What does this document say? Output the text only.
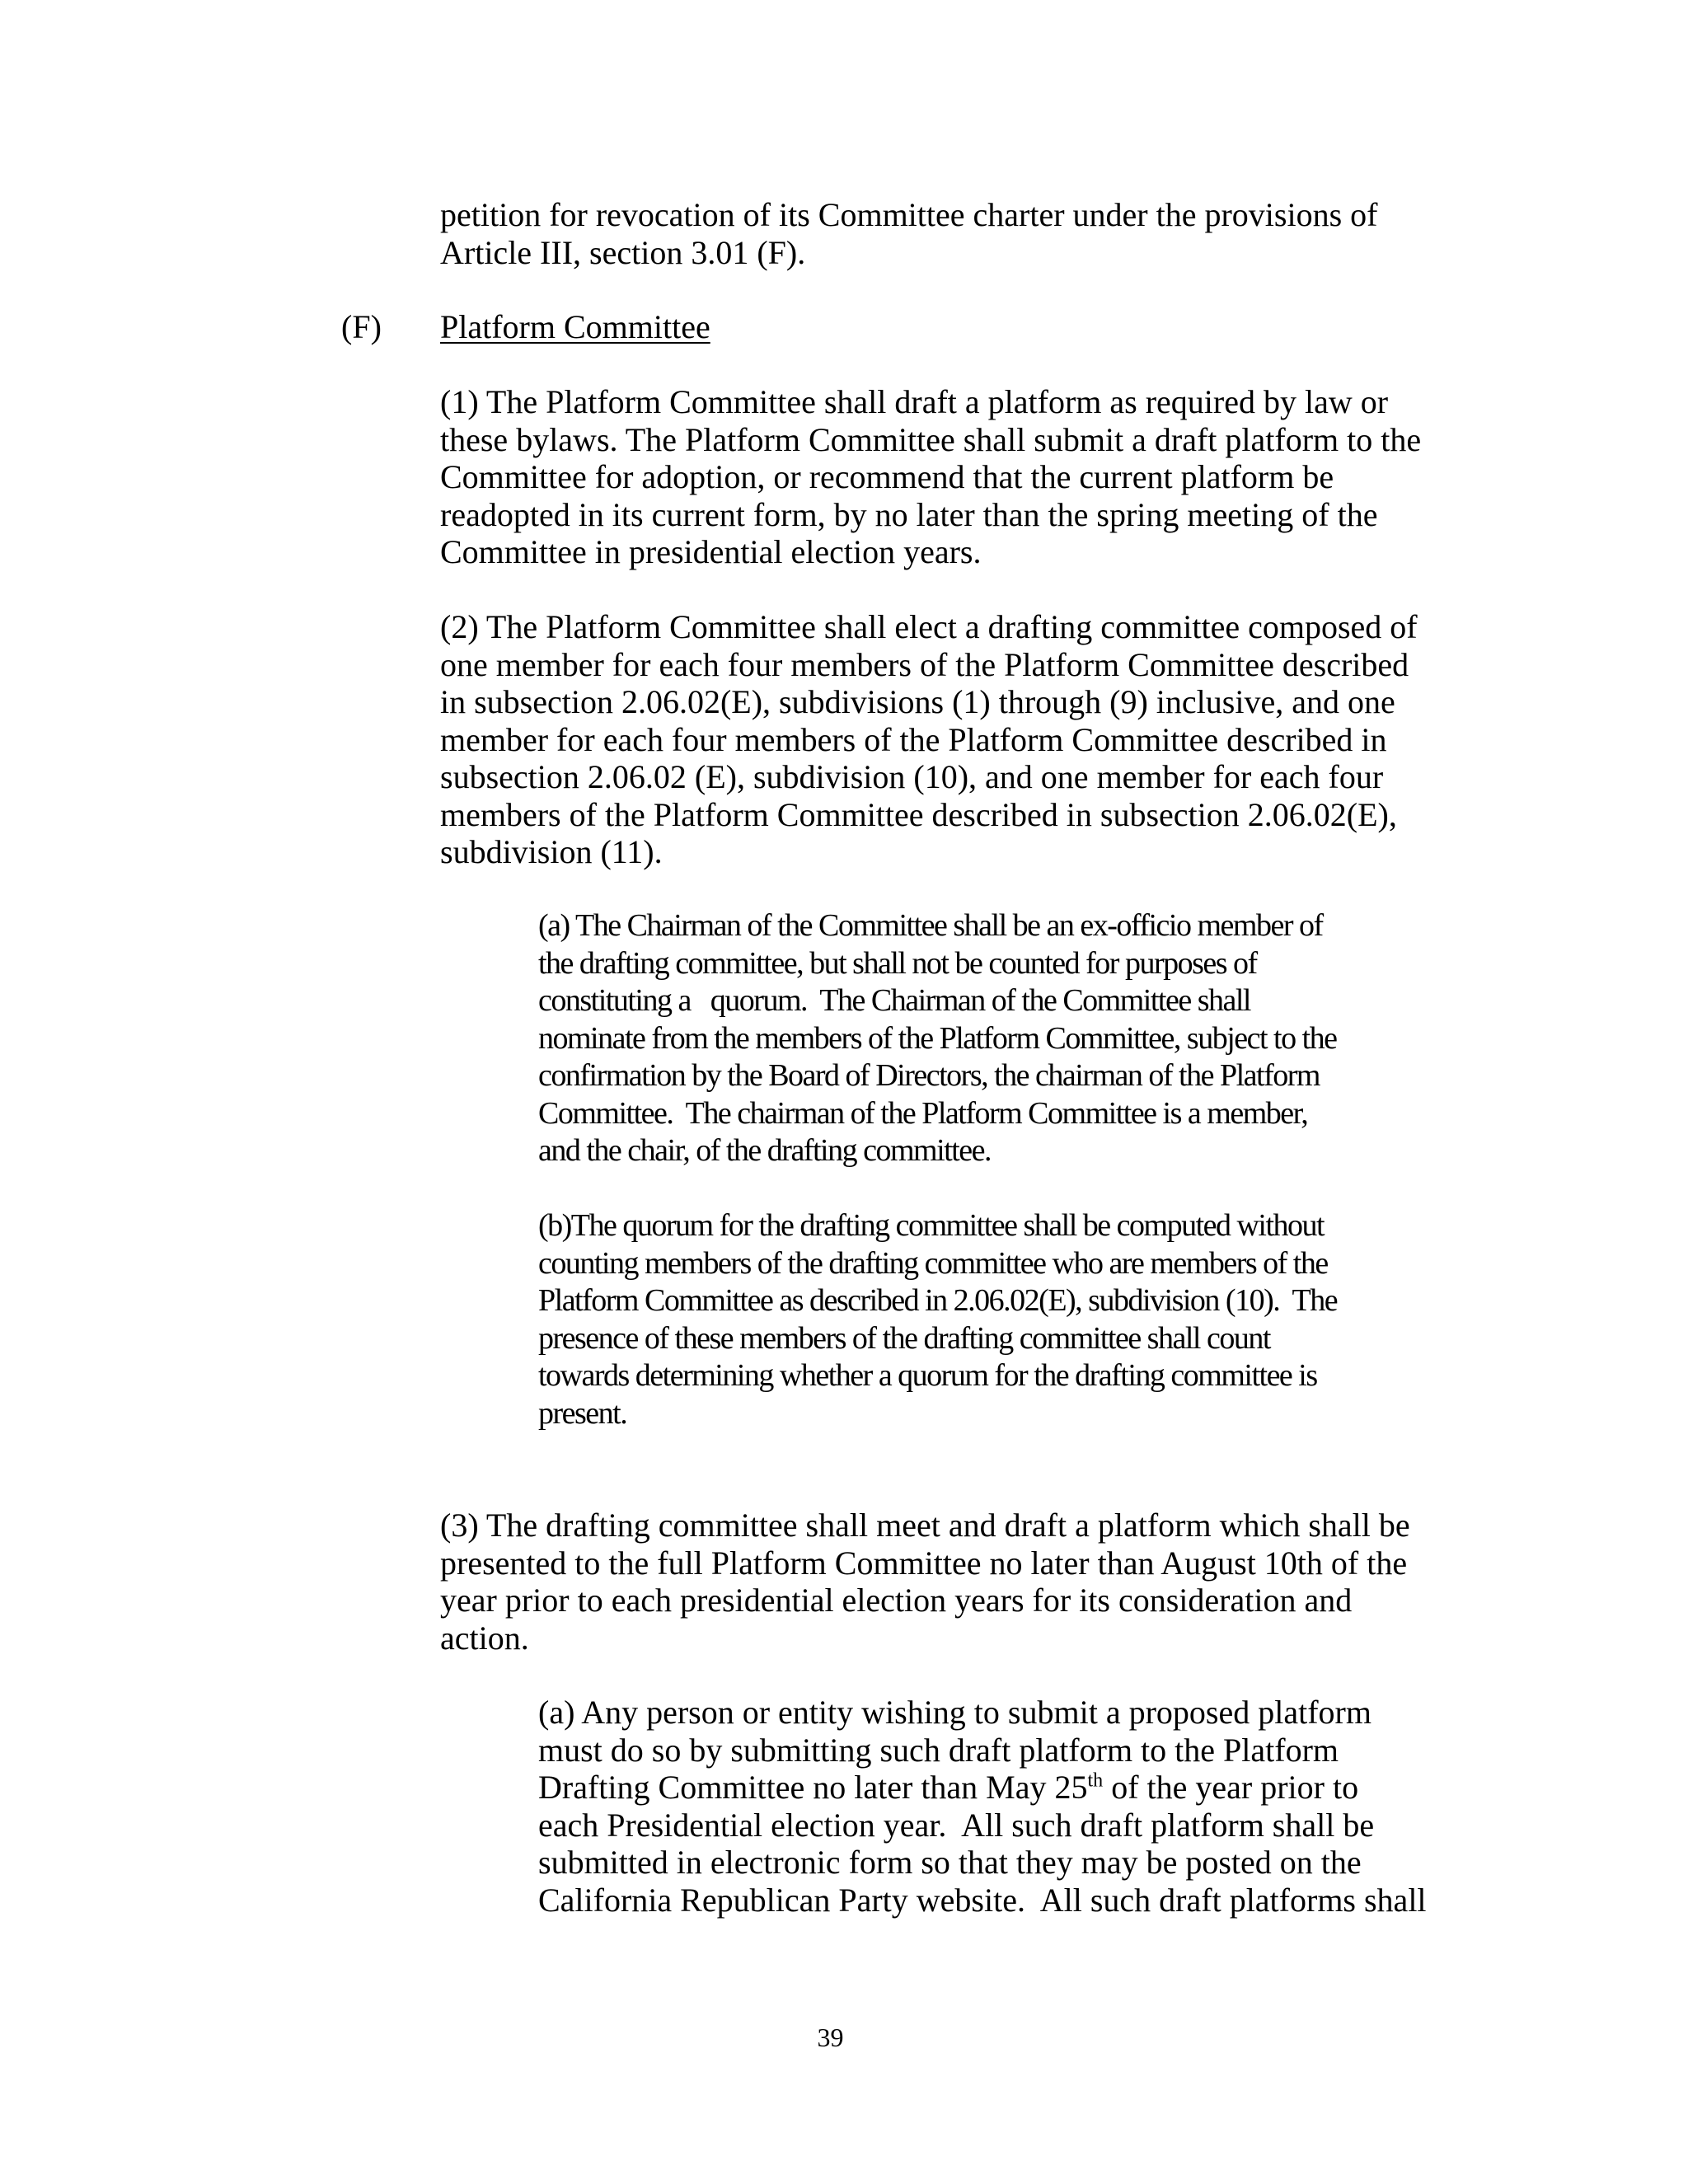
petition for revocation of its Committee charter under the provisions of
Article III, section 3.01 (F).
(F) Platform Committee
(1) The Platform Committee shall draft a platform as required by law or
these bylaws. The Platform Committee shall submit a draft platform to the
Committee for adoption, or recommend that the current platform be
readopted in its current form, by no later than the spring meeting of the
Committee in presidential election years.
(2) The Platform Committee shall elect a drafting committee composed of
one member for each four members of the Platform Committee described
in subsection 2.06.02(E), subdivisions (1) through (9) inclusive, and one
member for each four members of the Platform Committee described in
subsection 2.06.02 (E), subdivision (10), and one member for each four
members of the Platform Committee described in subsection 2.06.02(E),
subdivision (11).
(a) The Chairman of the Committee shall be an ex-officio member of
the drafting committee, but shall not be counted for purposes of
constituting a   quorum.  The Chairman of the Committee shall
nominate from the members of the Platform Committee, subject to the
confirmation by the Board of Directors, the chairman of the Platform
Committee.  The chairman of the Platform Committee is a member,
and the chair, of the drafting committee.
(b)The quorum for the drafting committee shall be computed without
counting members of the drafting committee who are members of the
Platform Committee as described in 2.06.02(E), subdivision (10).  The
presence of these members of the drafting committee shall count
towards determining whether a quorum for the drafting committee is
present.
(3) The drafting committee shall meet and draft a platform which shall be
presented to the full Platform Committee no later than August 10th of the
year prior to each presidential election years for its consideration and
action.
(a) Any person or entity wishing to submit a proposed platform
must do so by submitting such draft platform to the Platform
Drafting Committee no later than May 25th of the year prior to
each Presidential election year.  All such draft platform shall be
submitted in electronic form so that they may be posted on the
California Republican Party website.  All such draft platforms shall
39
